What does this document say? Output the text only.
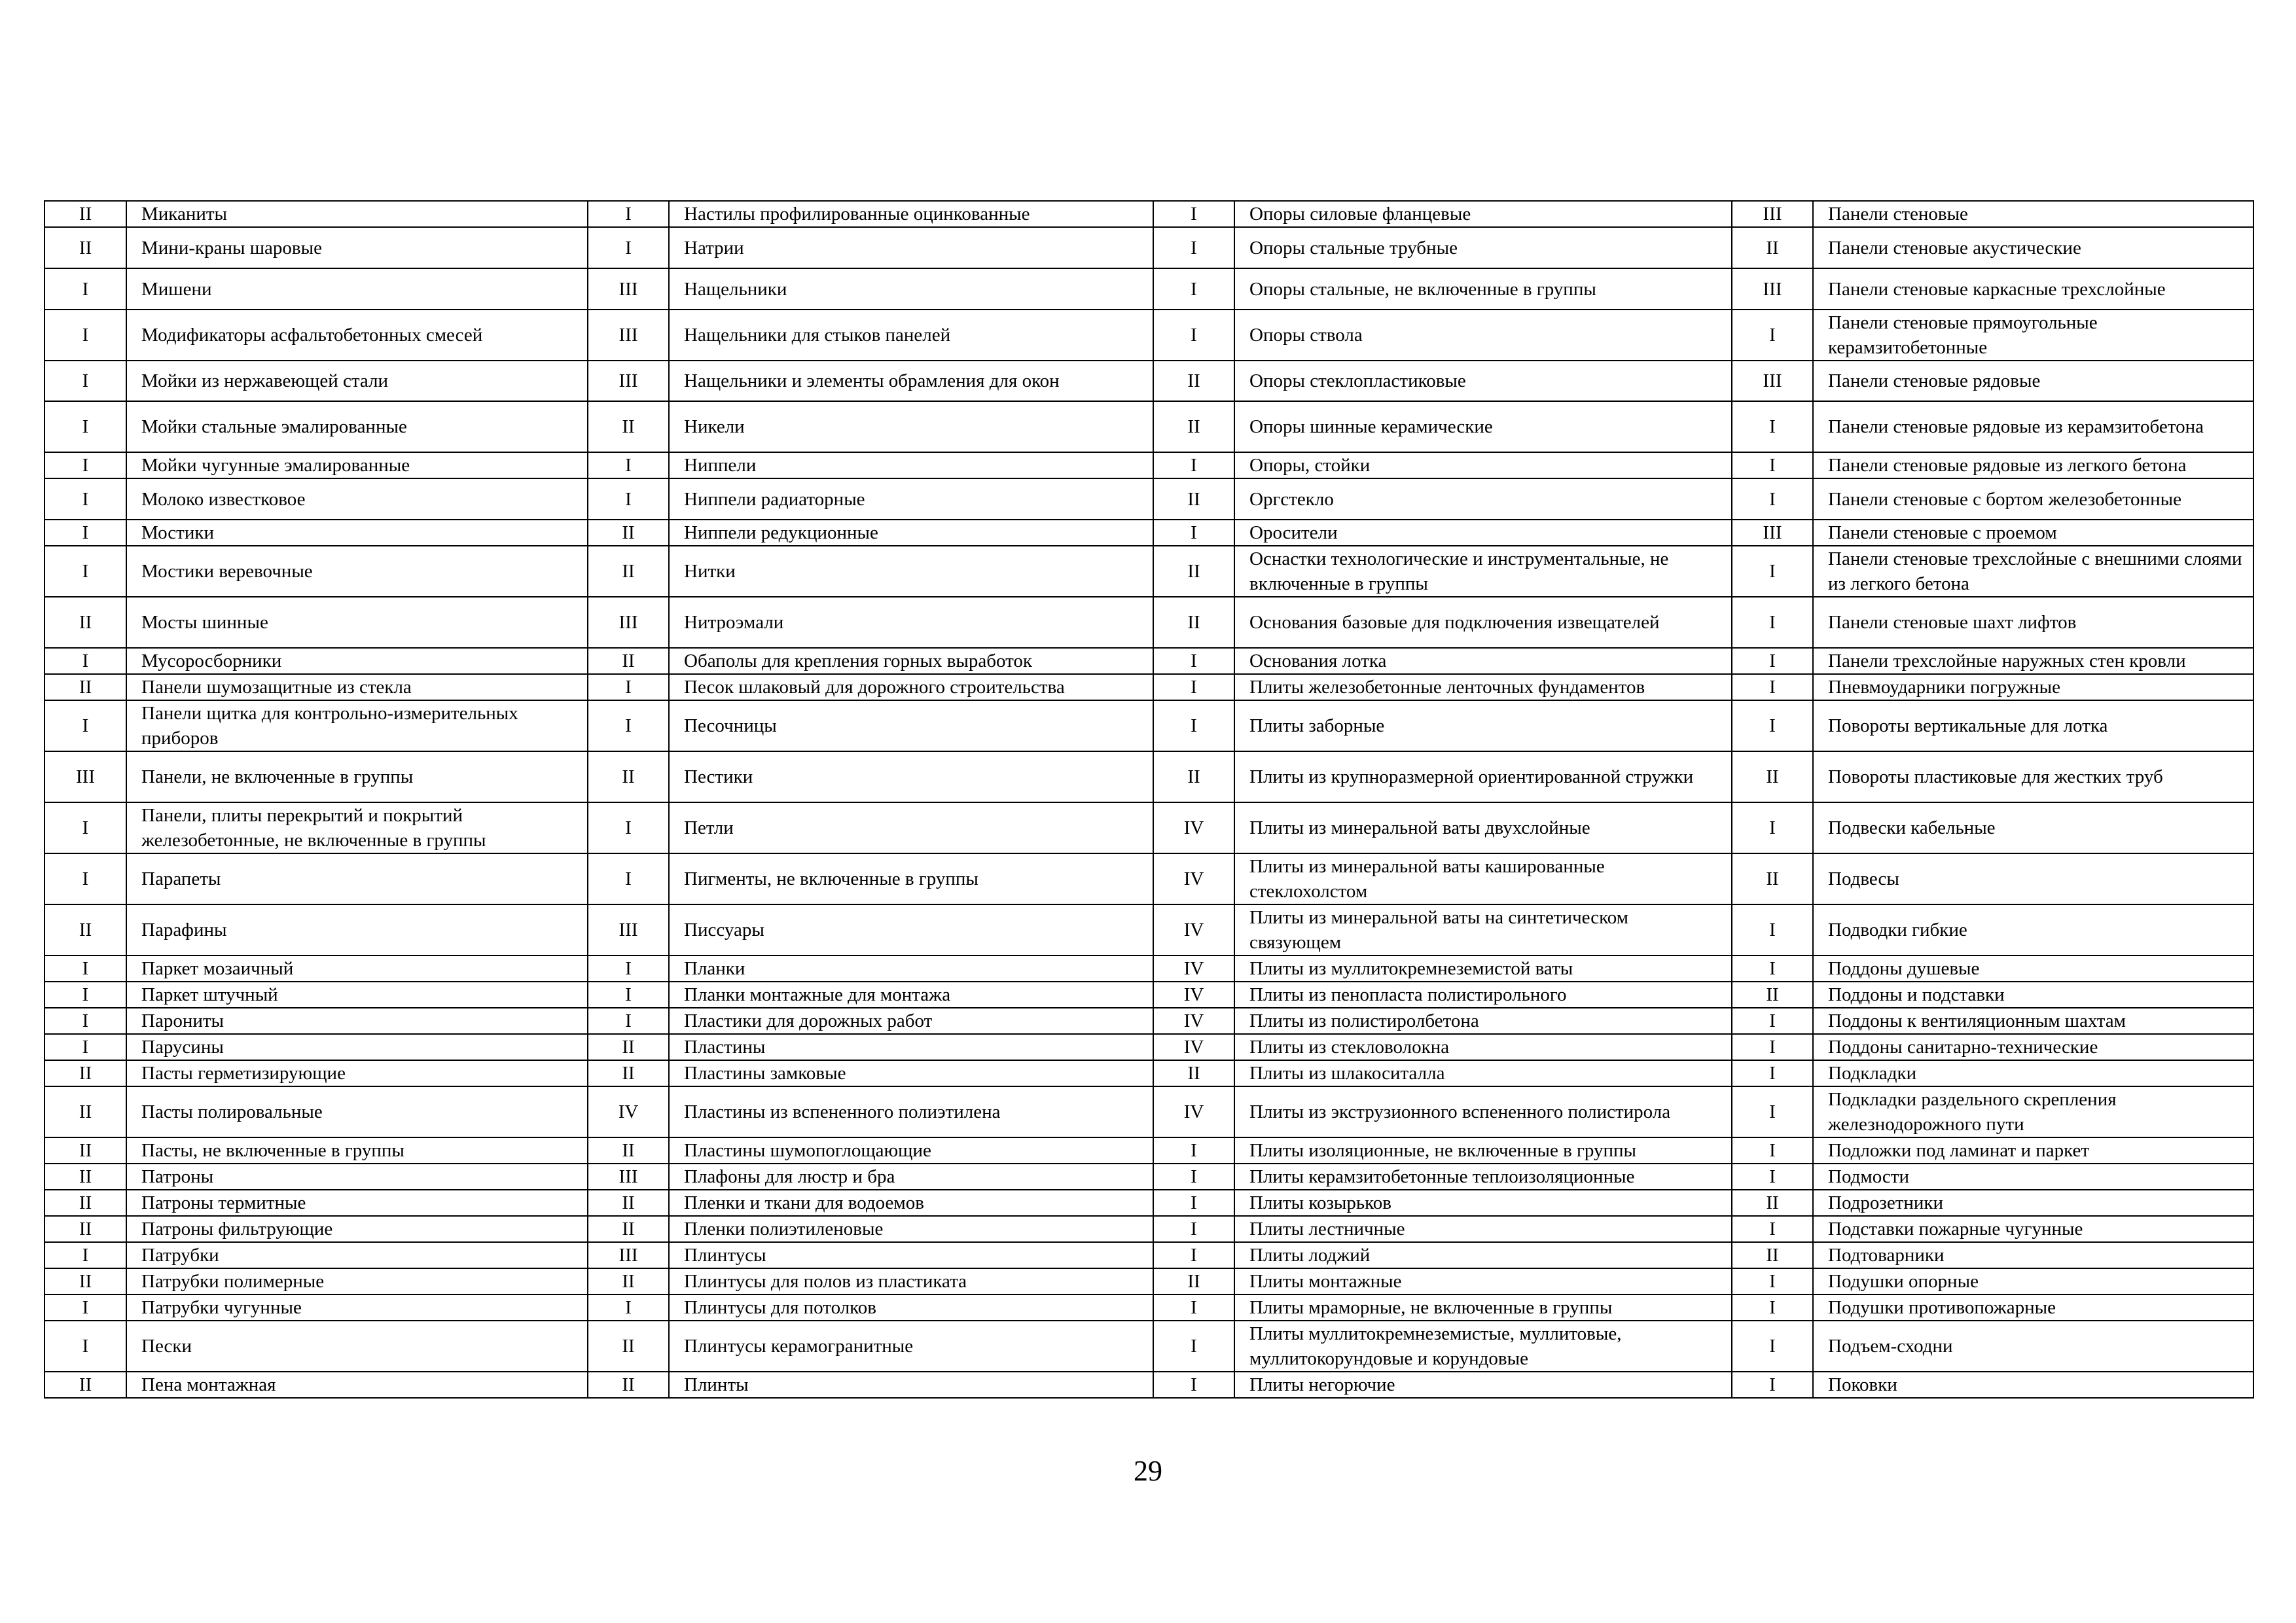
II	Миканиты	I	Настилы профилированные оцинкованные	I	Опоры силовые фланцевые	III	Панели стеновые
II	Мини-краны шаровые	I	Натрии	I	Опоры стальные трубные	II	Панели стеновые акустические
I	Мишени	III	Нащельники	I	Опоры стальные, не включенные в группы	III	Панели стеновые каркасные трехслойные
I	Модификаторы асфальтобетонных смесей	III	Нащельники для стыков панелей	I	Опоры ствола	I	Панели стеновые прямоугольные керамзитобетонные
I	Мойки из нержавеющей стали	III	Нащельники и элементы обрамления для окон	II	Опоры стеклопластиковые	III	Панели стеновые рядовые
I	Мойки стальные эмалированные	II	Никели	II	Опоры шинные керамические	I	Панели стеновые рядовые из керамзитобетона
I	Мойки чугунные эмалированные	I	Ниппели	I	Опоры, стойки	I	Панели стеновые рядовые из легкого бетона
I	Молоко известковое	I	Ниппели радиаторные	II	Оргстекло	I	Панели стеновые с бортом железобетонные
I	Мостики	II	Ниппели редукционные	I	Оросители	III	Панели стеновые с проемом
I	Мостики веревочные	II	Нитки	II	Оснастки технологические и инструментальные, не включенные в группы	I	Панели стеновые трехслойные с внешними слоями из легкого бетона
II	Мосты шинные	III	Нитроэмали	II	Основания базовые для подключения извещателей	I	Панели стеновые шахт лифтов
I	Мусоросборники	II	Обаполы для крепления горных выработок	I	Основания лотка	I	Панели трехслойные наружных стен кровли
II	Панели шумозащитные из стекла	I	Песок шлаковый для дорожного строительства	I	Плиты железобетонные ленточных фундаментов	I	Пневмоударники погружные
I	Панели щитка для контрольно-измерительных приборов	I	Песочницы	I	Плиты заборные	I	Повороты вертикальные для лотка
III	Панели, не включенные в группы	II	Пестики	II	Плиты из крупноразмерной ориентированной стружки	II	Повороты пластиковые для жестких труб
I	Панели, плиты перекрытий и покрытий железобетонные, не включенные в группы	I	Петли	IV	Плиты из минеральной ваты двухслойные	I	Подвески кабельные
I	Парапеты	I	Пигменты, не включенные в группы	IV	Плиты из минеральной ваты кашированные стеклохолстом	II	Подвесы
II	Парафины	III	Писсуары	IV	Плиты из минеральной ваты на синтетическом связующем	I	Подводки гибкие
I	Паркет мозаичный	I	Планки	IV	Плиты из муллитокремнеземистой ваты	I	Поддоны душевые
I	Паркет штучный	I	Планки монтажные для монтажа	IV	Плиты из пенопласта полистирольного	II	Поддоны и подставки
I	Парониты	I	Пластики для дорожных работ	IV	Плиты из полистиролбетона	I	Поддоны к вентиляционным шахтам
I	Парусины	II	Пластины	IV	Плиты из стекловолокна	I	Поддоны санитарно-технические
II	Пасты герметизирующие	II	Пластины замковые	II	Плиты из шлакоситалла	I	Подкладки
II	Пасты полировальные	IV	Пластины из вспененного полиэтилена	IV	Плиты из экструзионного вспененного полистирола	I	Подкладки раздельного скрепления железнодорожного пути
II	Пасты, не включенные в группы	II	Пластины шумопоглощающие	I	Плиты изоляционные, не включенные в группы	I	Подложки под ламинат и паркет
II	Патроны	III	Плафоны для люстр и бра	I	Плиты керамзитобетонные теплоизоляционные	I	Подмости
II	Патроны термитные	II	Пленки и ткани для водоемов	I	Плиты козырьков	II	Подрозетники
II	Патроны фильтрующие	II	Пленки полиэтиленовые	I	Плиты лестничные	I	Подставки пожарные чугунные
I	Патрубки	III	Плинтусы	I	Плиты лоджий	II	Подтоварники
II	Патрубки полимерные	II	Плинтусы для полов из пластиката	II	Плиты монтажные	I	Подушки опорные
I	Патрубки чугунные	I	Плинтусы для потолков	I	Плиты мраморные, не включенные в группы	I	Подушки противопожарные
I	Пески	II	Плинтусы керамогранитные	I	Плиты муллитокремнеземистые, муллитовые, муллитокорундовые и корундовые	I	Подъем-сходни
II	Пена монтажная	II	Плинты	I	Плиты негорючие	I	Поковки
29
